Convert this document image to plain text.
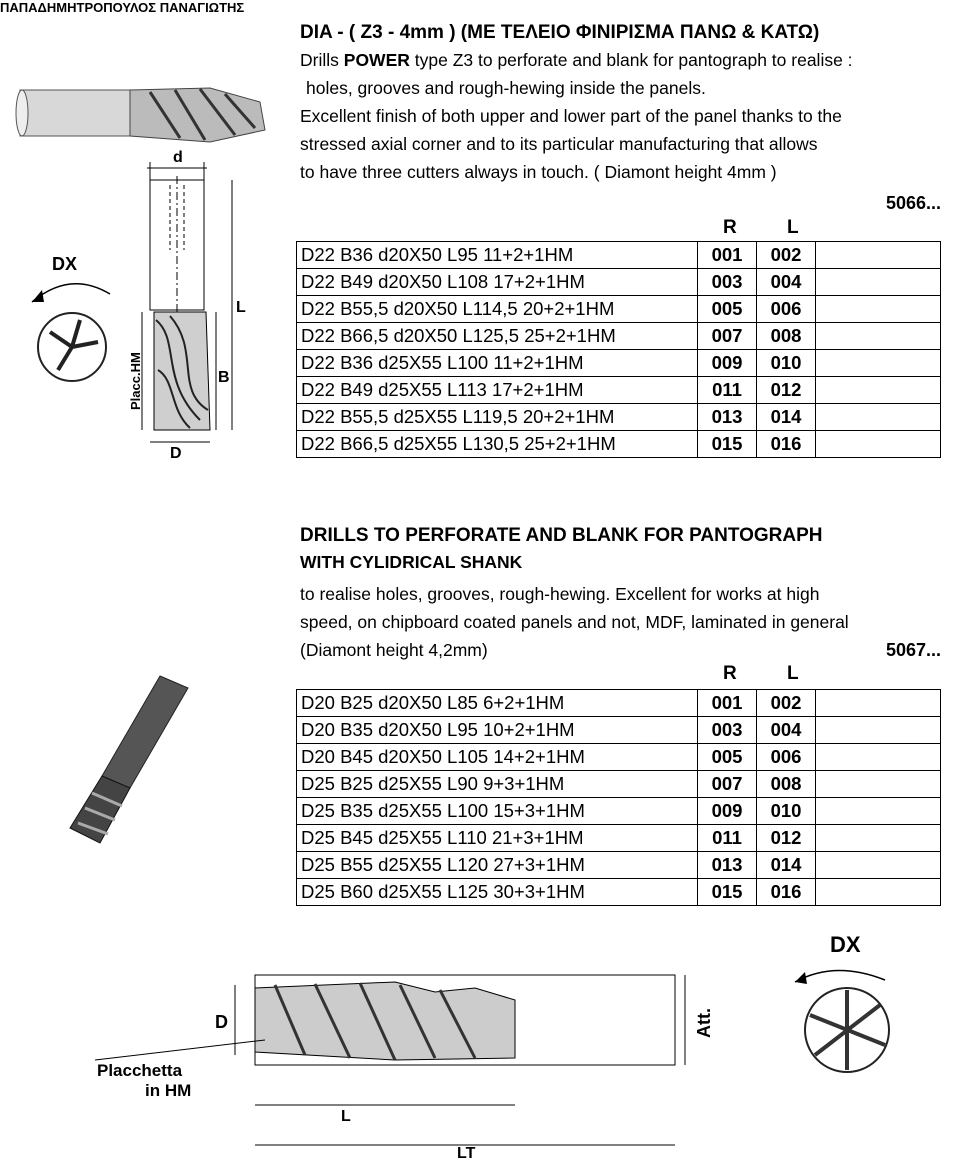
ΠΑΠΑΔΗΜΗΤΡΟΠΟΥΛΟΣ ΠΑΝΑΓΙΩΤΗΣ
DIA - ( Z3 - 4mm ) (ΜΕ ΤΕΛΕΙΟ ΦΙΝΙΡΙΣΜΑ ΠΑΝΩ & ΚΑΤΩ)
Drills POWER type Z3 to perforate and blank for pantograph to realise :
holes, grooves and rough-hewing inside the panels.
Excellent finish of both upper and lower part of the panel thanks to the
stressed axial corner and to its particular manufacturing that allows
to have three cutters always in touch. ( Diamont height 4mm )
5066...
R	L
D22 B36 d20X50 L95 11+2+1HM	001	002	
D22 B49 d20X50 L108 17+2+1HM	003	004	
D22 B55,5 d20X50 L114,5 20+2+1HM	005	006	
D22 B66,5 d20X50 L125,5 25+2+1HM	007	008	
D22 B36 d25X55 L100 11+2+1HM	009	010	
D22 B49 d25X55 L113 17+2+1HM	011	012	
D22 B55,5 d25X55 L119,5 20+2+1HM	013	014	
D22 B66,5 d25X55 L130,5 25+2+1HM	015	016	
DX
d
L
B
D
Placc.HM
DRILLS TO PERFORATE AND BLANK FOR PANTOGRAPH
WITH CYLIDRICAL SHANK
to realise holes, grooves, rough-hewing. Excellent for works at high
speed, on chipboard coated panels and not, MDF, laminated in general
(Diamont height 4,2mm)	5067...
R	L
D20 B25 d20X50 L85 6+2+1HM	001	002	
D20 B35 d20X50 L95 10+2+1HM	003	004	
D20 B45 d20X50 L105 14+2+1HM	005	006	
D25 B25 d25X55 L90 9+3+1HM	007	008	
D25 B35 d25X55 L100 15+3+1HM	009	010	
D25 B45 d25X55 L110 21+3+1HM	011	012	
D25 B55 d25X55 L120 27+3+1HM	013	014	
D25 B60 d25X55 L125 30+3+1HM	015	016	
DX
D	Att.
Placchetta
in HM
L
LT
